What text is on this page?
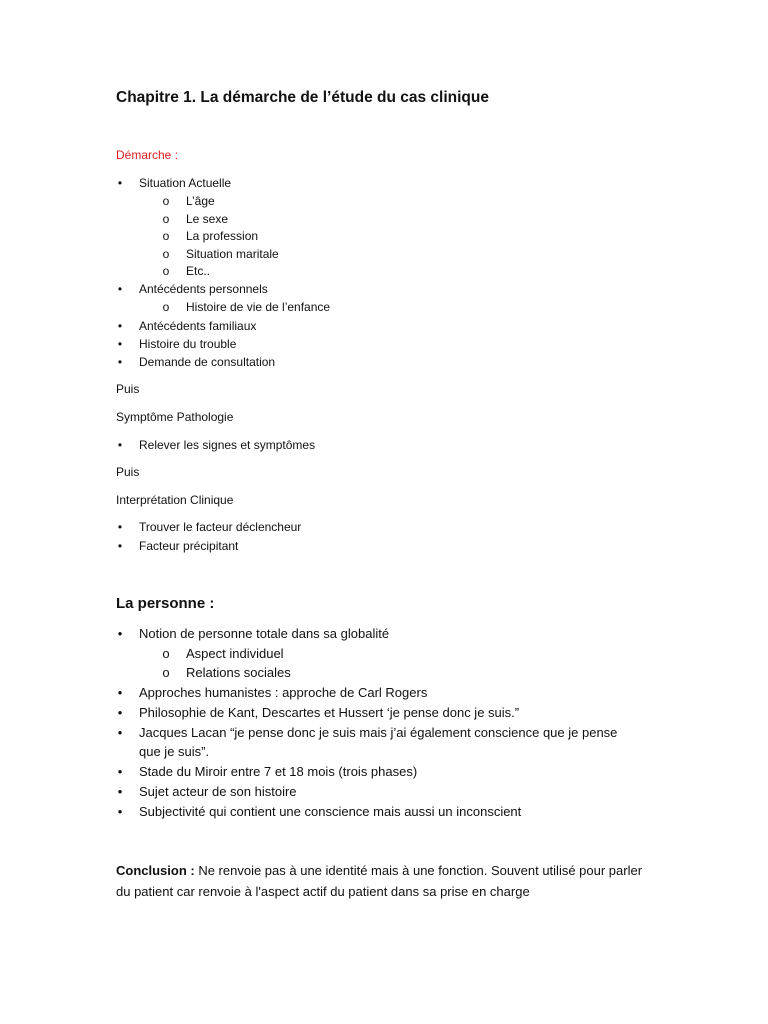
Chapitre 1. La démarche de l’étude du cas clinique

Démarche :

• Situation Actuelle
o L’âge
o Le sexe
o La profession
o Situation maritale
o Etc..
• Antécédents personnels
o Histoire de vie de l’enfance
• Antécédents familiaux
• Histoire du trouble
• Demande de consultation
Puis
Symptôme Pathologie
• Relever les signes et symptômes
Puis
Interprétation Clinique
• Trouver le facteur déclencheur
• Facteur précipitant
La personne :
• Notion de personne totale dans sa globalité
o Aspect individuel
o Relations sociales
• Approches humanistes : approche de Carl Rogers
• Philosophie de Kant, Descartes et Hussert ‘je pense donc je suis.”
• Jacques Lacan “je pense donc je suis mais j’ai également conscience que je pense
que je suis”.
• Stade du Miroir entre 7 et 18 mois (trois phases)
• Sujet acteur de son histoire
• Subjectivité qui contient une conscience mais aussi un inconscient

Conclusion : Ne renvoie pas à une identité mais à une fonction. Souvent utilisé pour parler du patient car renvoie à l'aspect actif du patient dans sa prise en charge
